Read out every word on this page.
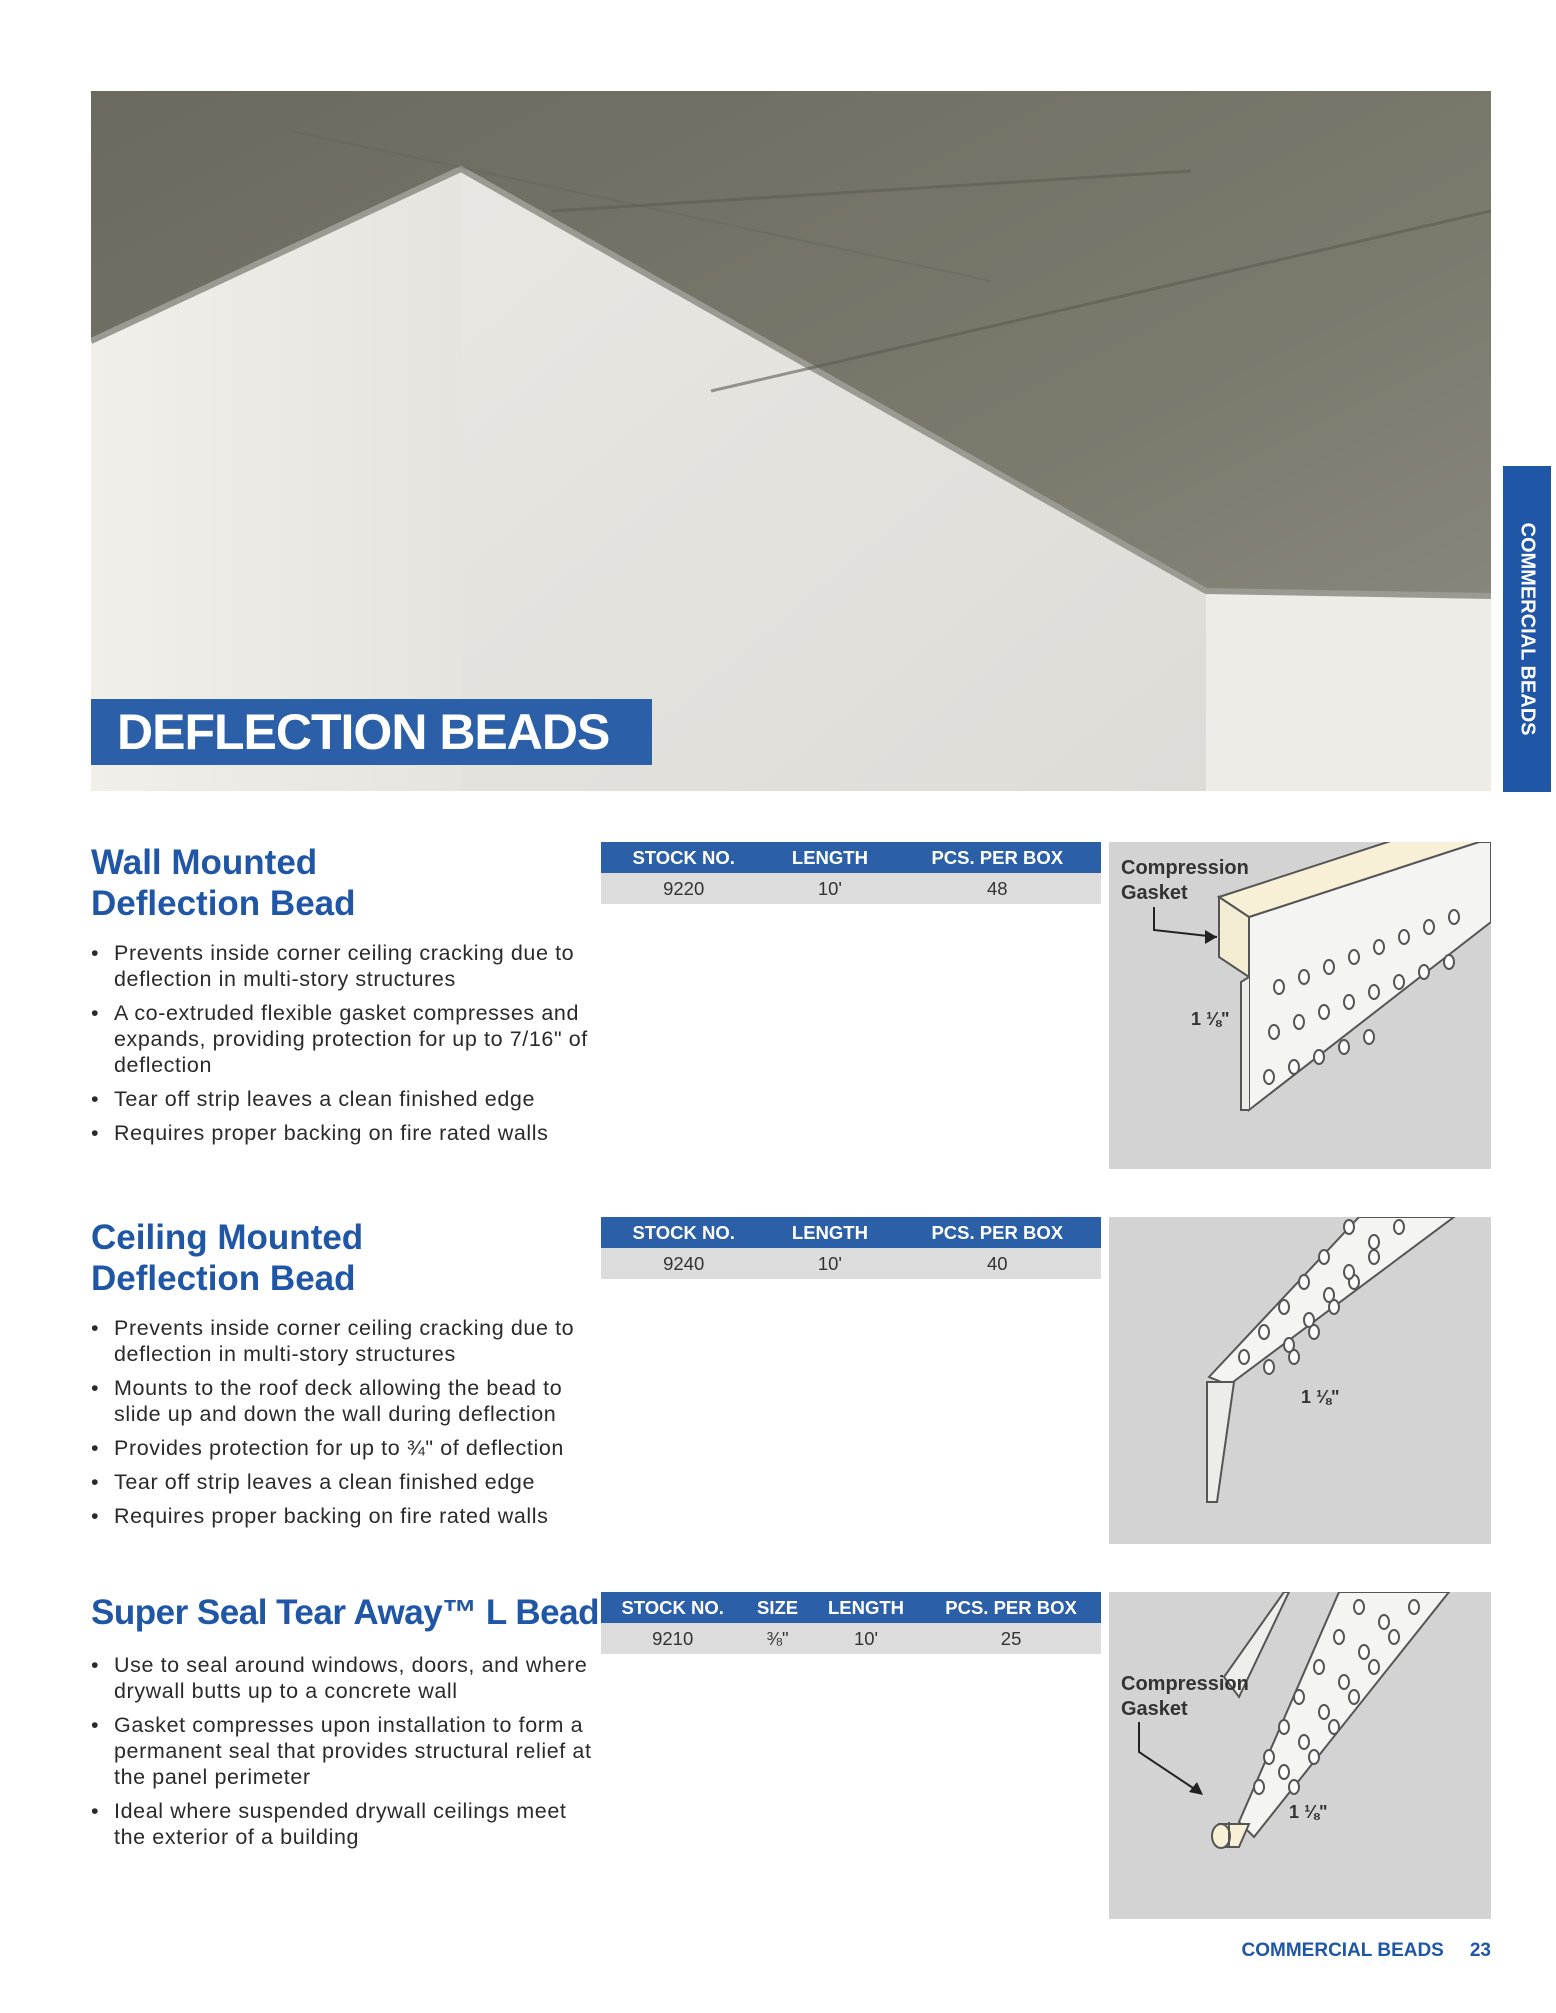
DEFLECTION BEADS	COMMERCIAL BEADS
Wall Mounted
Deflection Bead
• Prevents inside corner ceiling cracking due to deflection in multi-story structures
• A co-extruded flexible gasket compresses and expands, providing protection for up to 7/16" of deflection
• Tear off strip leaves a clean finished edge
• Requires proper backing on fire rated walls
STOCK NO.	LENGTH	PCS. PER BOX
9220	10'	48
Compression
Gasket
1 ⅛"
Ceiling Mounted
Deflection Bead
• Prevents inside corner ceiling cracking due to deflection in multi-story structures
• Mounts to the roof deck allowing the bead to slide up and down the wall during deflection
• Provides protection for up to ¾" of deflection
• Tear off strip leaves a clean finished edge
• Requires proper backing on fire rated walls
STOCK NO.	LENGTH	PCS. PER BOX
9240	10'	40
1 ⅛"
Super Seal Tear Away™ L Bead
• Use to seal around windows, doors, and where drywall butts up to a concrete wall
• Gasket compresses upon installation to form a permanent seal that provides structural relief at the panel perimeter
• Ideal where suspended drywall ceilings meet the exterior of a building
STOCK NO.	SIZE	LENGTH	PCS. PER BOX
9210	⅜"	10'	25
Compression
Gasket
1 ⅛"
COMMERCIAL BEADS 23
